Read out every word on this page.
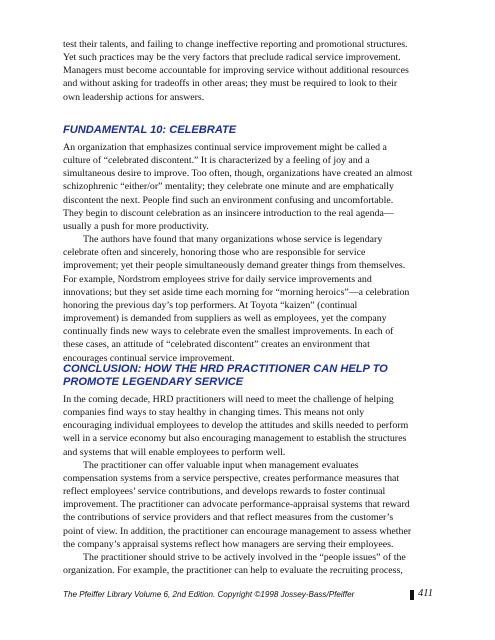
test their talents, and failing to change ineffective reporting and promotional structures.
Yet such practices may be the very factors that preclude radical service improvement.
Managers must become accountable for improving service without additional resources
and without asking for tradeoffs in other areas; they must be required to look to their
own leadership actions for answers.

FUNDAMENTAL 10: CELEBRATE

An organization that emphasizes continual service improvement might be called a
culture of “celebrated discontent.” It is characterized by a feeling of joy and a
simultaneous desire to improve. Too often, though, organizations have created an almost
schizophrenic “either/or” mentality; they celebrate one minute and are emphatically
discontent the next. People find such an environment confusing and uncomfortable.
They begin to discount celebration as an insincere introduction to the real agenda—
usually a push for more productivity.

The authors have found that many organizations whose service is legendary
celebrate often and sincerely, honoring those who are responsible for service
improvement; yet their people simultaneously demand greater things from themselves.
For example, Nordstrom employees strive for daily service improvements and
innovations; but they set aside time each morning for “morning heroics”—a celebration
honoring the previous day’s top performers. At Toyota “kaizen” (continual
improvement) is demanded from suppliers as well as employees, yet the company
continually finds new ways to celebrate even the smallest improvements. In each of
these cases, an attitude of “celebrated discontent” creates an environment that
encourages continual service improvement.

CONCLUSION: HOW THE HRD PRACTITIONER CAN HELP TO
PROMOTE LEGENDARY SERVICE

In the coming decade, HRD practitioners will need to meet the challenge of helping
companies find ways to stay healthy in changing times. This means not only
encouraging individual employees to develop the attitudes and skills needed to perform
well in a service economy but also encouraging management to establish the structures
and systems that will enable employees to perform well.

The practitioner can offer valuable input when management evaluates
compensation systems from a service perspective, creates performance measures that
reflect employees’ service contributions, and develops rewards to foster continual
improvement. The practitioner can advocate performance-appraisal systems that reward
the contributions of service providers and that reflect measures from the customer’s
point of view. In addition, the practitioner can encourage management to assess whether
the company’s appraisal systems reflect how managers are serving their employees.

The practitioner should strive to be actively involved in the “people issues” of the
organization. For example, the practitioner can help to evaluate the recruiting process,

The Pfeiffer Library Volume 6, 2nd Edition. Copyright ©1998 Jossey-Bass/Pfeiffer	411
